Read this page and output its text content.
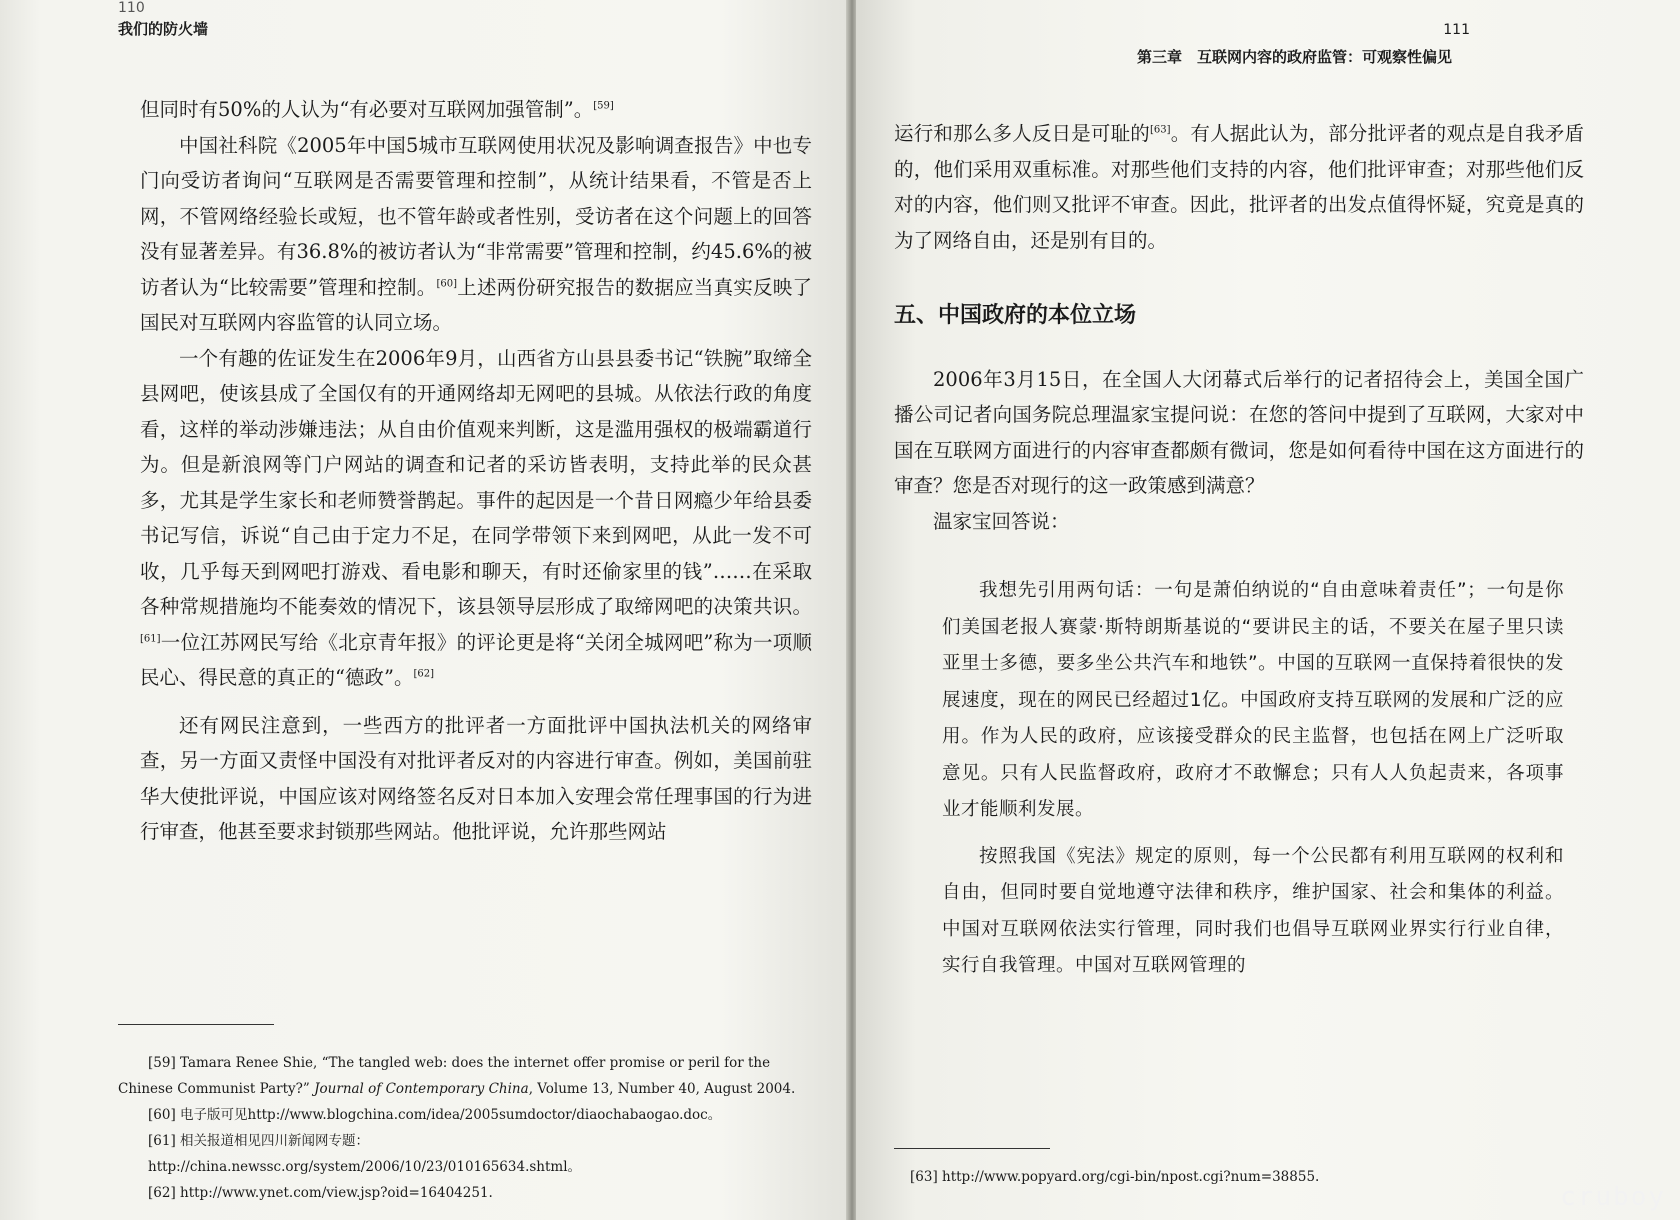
110
我们的防火墙

但同时有50%的人认为“有必要对互联网加强管制”。[59]

中国社科院《2005年中国5城市互联网使用状况及影响调查报告》中也专门向受访者询问“互联网是否需要管理和控制”，从统计结果看，不管是否上网，不管网络经验长或短，也不管年龄或者性别，受访者在这个问题上的回答没有显著差异。有36.8%的被访者认为“非常需要”管理和控制，约45.6%的被访者认为“比较需要”管理和控制。[60]上述两份研究报告的数据应当真实反映了国民对互联网内容监管的认同立场。

一个有趣的佐证发生在2006年9月，山西省方山县县委书记“铁腕”取缔全县网吧，使该县成了全国仅有的开通网络却无网吧的县城。从依法行政的角度看，这样的举动涉嫌违法；从自由价值观来判断，这是滥用强权的极端霸道行为。但是新浪网等门户网站的调查和记者的采访皆表明，支持此举的民众甚多，尤其是学生家长和老师赞誉鹊起。事件的起因是一个昔日网瘾少年给县委书记写信，诉说“自己由于定力不足，在同学带领下来到网吧，从此一发不可收，几乎每天到网吧打游戏、看电影和聊天，有时还偷家里的钱”……在采取各种常规措施均不能奏效的情况下，该县领导层形成了取缔网吧的决策共识。[61]一位江苏网民写给《北京青年报》的评论更是将“关闭全城网吧”称为一项顺民心、得民意的真正的“德政”。[62]

还有网民注意到，一些西方的批评者一方面批评中国执法机关的网络审查，另一方面又责怪中国没有对批评者反对的内容进行审查。例如，美国前驻华大使批评说，中国应该对网络签名反对日本加入安理会常任理事国的行为进行审查，他甚至要求封锁那些网站。他批评说，允许那些网站

[59] Tamara Renee Shie, “The tangled web: does the internet offer promise or peril for the Chinese Communist Party?” Journal of Contemporary China, Volume 13, Number 40, August 2004.

[60] 电子版可见http://www.blogchina.com/idea/2005sumdoctor/diaochabaogao.doc。

[61] 相关报道相见四川新闻网专题：http://china.newssc.org/system/2006/10/23/010165634.shtml。

[62] http://www.ynet.com/view.jsp?oid=16404251.

111
第三章　互联网内容的政府监管：可观察性偏见

运行和那么多人反日是可耻的[63]。有人据此认为，部分批评者的观点是自我矛盾的，他们采用双重标准。对那些他们支持的内容，他们批评审查；对那些他们反对的内容，他们则又批评不审查。因此，批评者的出发点值得怀疑，究竟是真的为了网络自由，还是别有目的。

五、中国政府的本位立场

2006年3月15日，在全国人大闭幕式后举行的记者招待会上，美国全国广播公司记者向国务院总理温家宝提问说：在您的答问中提到了互联网，大家对中国在互联网方面进行的内容审查都颇有微词，您是如何看待中国在这方面进行的审查？您是否对现行的这一政策感到满意？

温家宝回答说：

我想先引用两句话：一句是萧伯纳说的“自由意味着责任”；一句是你们美国老报人赛蒙·斯特朗斯基说的“要讲民主的话，不要关在屋子里只读亚里士多德，要多坐公共汽车和地铁”。中国的互联网一直保持着很快的发展速度，现在的网民已经超过1亿。中国政府支持互联网的发展和广泛的应用。作为人民的政府，应该接受群众的民主监督，也包括在网上广泛听取意见。只有人民监督政府，政府才不敢懈怠；只有人人负起责来，各项事业才能顺利发展。

按照我国《宪法》规定的原则，每一个公民都有利用互联网的权利和自由，但同时要自觉地遵守法律和秩序，维护国家、社会和集体的利益。中国对互联网依法实行管理，同时我们也倡导互联网业界实行行业自律，实行自我管理。中国对互联网管理的

[63] http://www.popyard.org/cgi-bin/npost.cgi?num=38855.

cruboy
